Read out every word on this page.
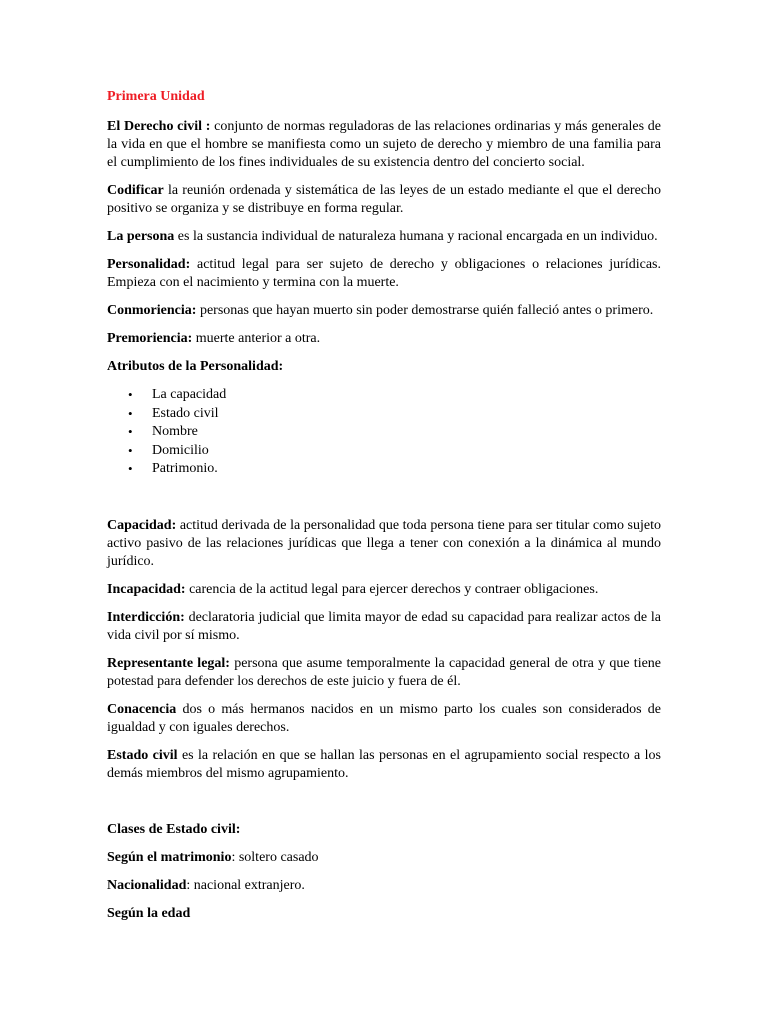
Primera Unidad

El Derecho civil : conjunto de normas reguladoras de las relaciones ordinarias y más generales de la vida en que el hombre se manifiesta como un sujeto de derecho y miembro de una familia para el cumplimiento de los fines individuales de su existencia dentro del concierto social.

Codificar la reunión ordenada y sistemática de las leyes de un estado mediante el que el derecho positivo se organiza y se distribuye en forma regular.

La persona es la sustancia individual de naturaleza humana y racional encargada en un individuo.

Personalidad: actitud legal para ser sujeto de derecho y obligaciones o relaciones jurídicas. Empieza con el nacimiento y termina con la muerte.

Conmoriencia: personas que hayan muerto sin poder demostrarse quién falleció antes o primero.

Premoriencia: muerte anterior a otra.

Atributos de la Personalidad:
• La capacidad
• Estado civil
• Nombre
• Domicilio
• Patrimonio.

Capacidad: actitud derivada de la personalidad que toda persona tiene para ser titular como sujeto activo pasivo de las relaciones jurídicas que llega a tener con conexión a la dinámica al mundo jurídico.

Incapacidad: carencia de la actitud legal para ejercer derechos y contraer obligaciones.

Interdicción: declaratoria judicial que limita mayor de edad su capacidad para realizar actos de la vida civil por sí mismo.

Representante legal: persona que asume temporalmente la capacidad general de otra y que tiene potestad para defender los derechos de este juicio y fuera de él.

Conacencia dos o más hermanos nacidos en un mismo parto los cuales son considerados de igualdad y con iguales derechos.

Estado civil es la relación en que se hallan las personas en el agrupamiento social respecto a los demás miembros del mismo agrupamiento.

Clases de Estado civil:

Según el matrimonio: soltero casado

Nacionalidad: nacional extranjero.

Según la edad
